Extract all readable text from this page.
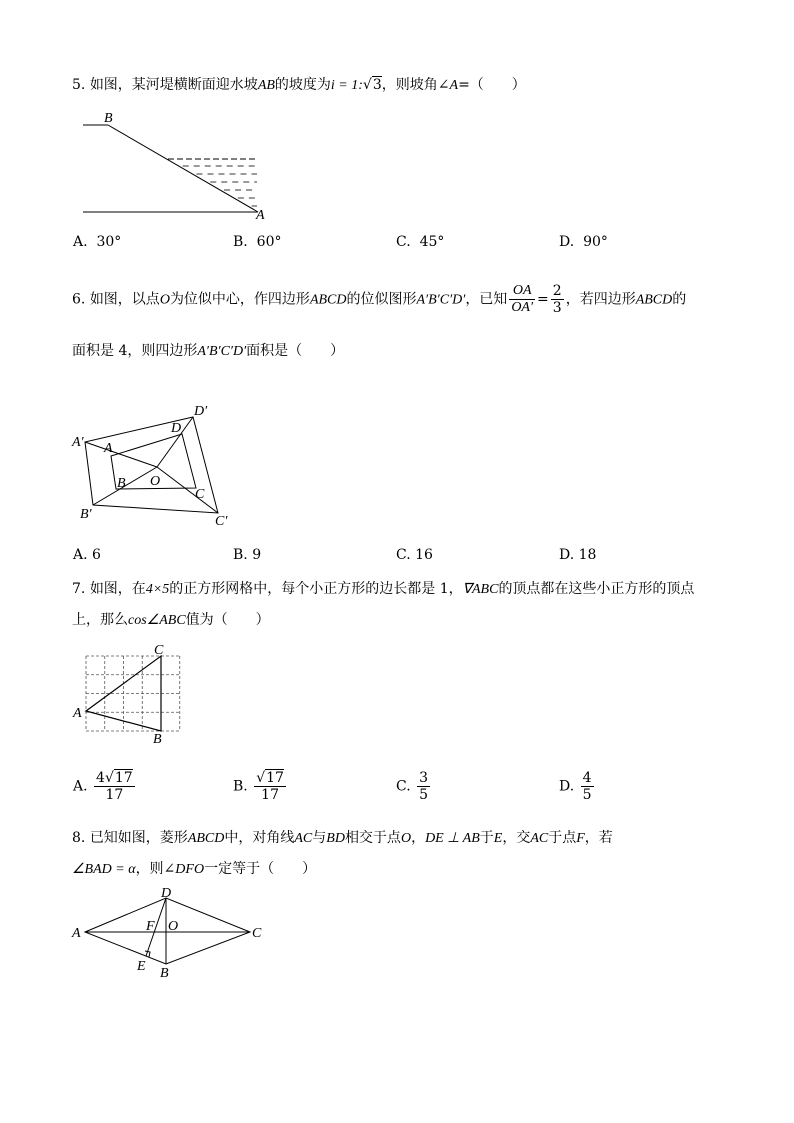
5. 如图，某河堤横断面迎水坡AB的坡度为i = 1:√3，则坡角∠A=（　　）
B
A
A. 30°	B. 60°	C. 45°	D. 90°
6. 如图，以点O为位似中心，作四边形ABCD的位似图形A′B′C′D′，已知 $\frac{OA}{OA'} = \frac{2}{3}$ ，若四边形ABCD的
面积是 4，则四边形A′B′C′D′面积是（　　）
A′ A
B
B′
O
C
C′
D
D′
A. 6	B. 9	C. 16	D. 18
7. 如图，在4×5的正方形网格中，每个小正方形的边长都是 1，∇ABC的顶点都在这些小正方形的顶点
上，那么cos∠ABC值为（　　）
A
B
C
A. $\frac{4√17}{17}$	B. $\frac{√17}{17}$	C. $\frac{3}{5}$	D. $\frac{4}{5}$
8. 已知如图，菱形ABCD中，对角线AC与BD相交于点O，DE ⊥ AB于E，交AC于点F，若
∠BAD = α，则∠DFO一定等于（　　）
A
D
C
B
E
F O
